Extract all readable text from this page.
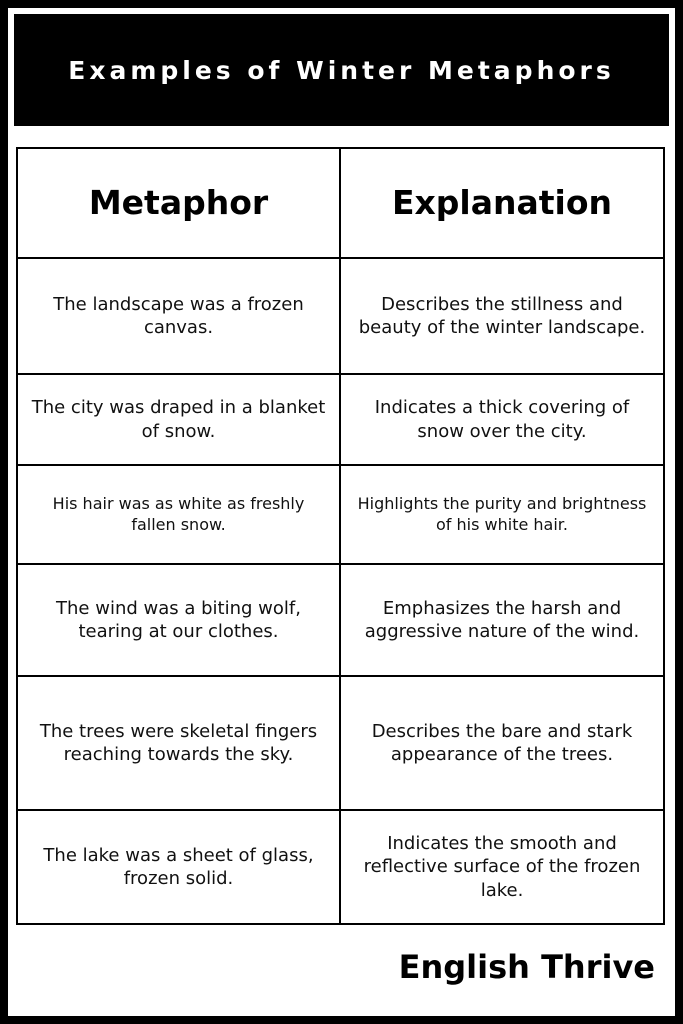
Examples of Winter Metaphors
Metaphor	Explanation
The landscape was a frozen canvas.
Describes the stillness and beauty of the winter landscape.
The city was draped in a blanket of snow.
Indicates a thick covering of snow over the city.
His hair was as white as freshly fallen snow.
Highlights the purity and brightness of his white hair.
The wind was a biting wolf, tearing at our clothes.
Emphasizes the harsh and aggressive nature of the wind.
The trees were skeletal fingers reaching towards the sky.
Describes the bare and stark appearance of the trees.
The lake was a sheet of glass, frozen solid.
Indicates the smooth and reflective surface of the frozen lake.
English Thrive
